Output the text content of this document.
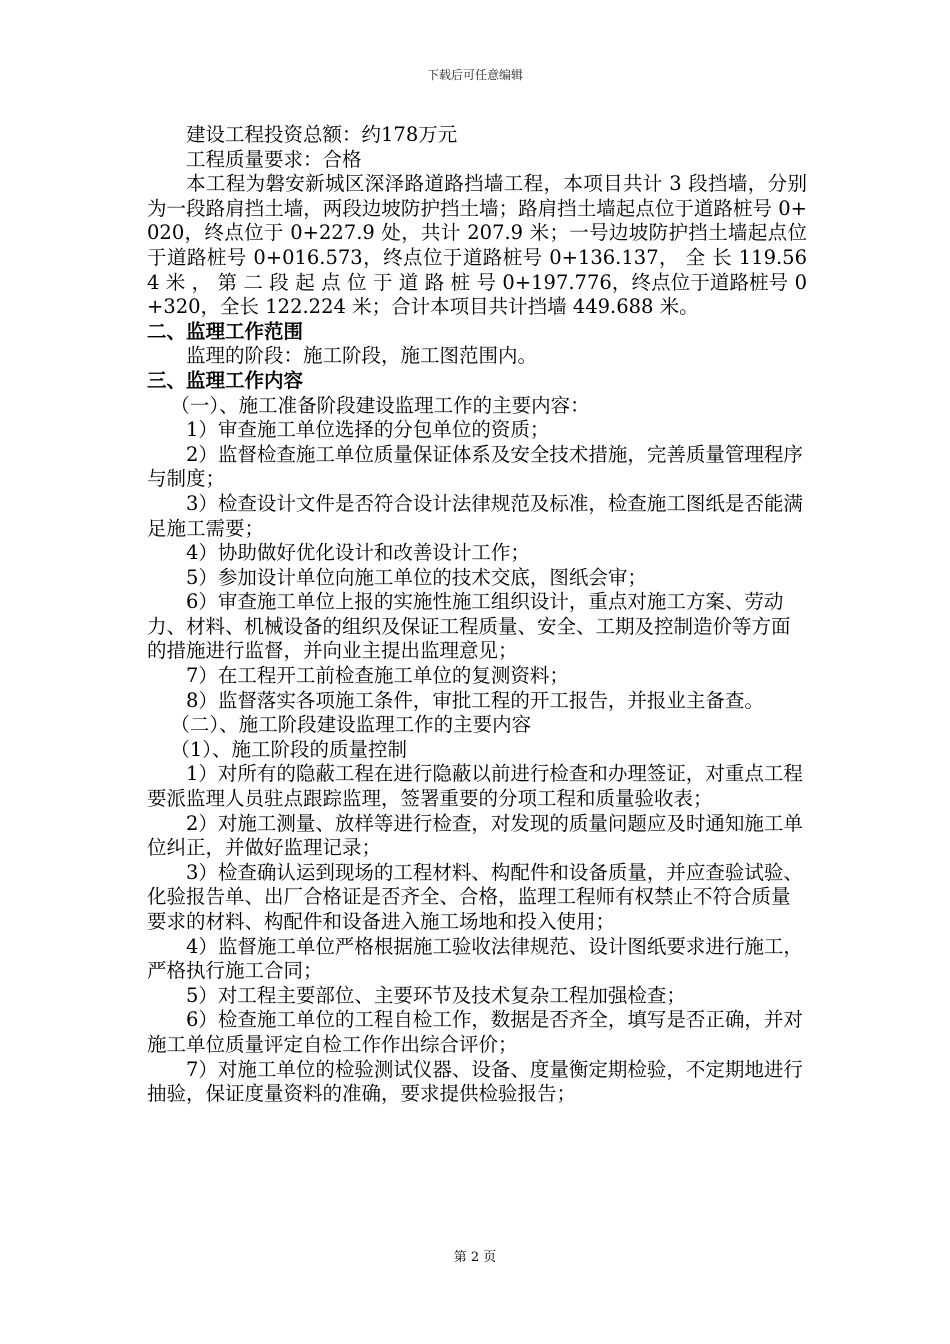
下载后可任意编辑

建设工程投资总额：约178万元

工程质量要求：合格

本工程为磐安新城区深泽路道路挡墙工程，本项目共计 3 段挡墙，分别为一段路肩挡土墙，两段边坡防护挡土墙；路肩挡土墙起点位于道路桩号 0+020，终点位于 0+227.9 处，共计 207.9 米；一号边坡防护挡土墙起点位于道路桩号 0+016.573，终点位于道路桩号 0+136.137， 全 长 119.564 米 ， 第 二 段 起 点 位 于 道 路 桩 号 0+197.776，终点位于道路桩号 0+320，全长 122.224 米；合计本项目共计挡墙 449.688 米。

二、监理工作范围

监理的阶段：施工阶段，施工图范围内。

三、监理工作内容

（一）、施工准备阶段建设监理工作的主要内容：

1）审查施工单位选择的分包单位的资质；

2）监督检查施工单位质量保证体系及安全技术措施，完善质量管理程序与制度；

3）检查设计文件是否符合设计法律规范及标准，检查施工图纸是否能满足施工需要；

4）协助做好优化设计和改善设计工作；

5）参加设计单位向施工单位的技术交底，图纸会审；

6）审查施工单位上报的实施性施工组织设计，重点对施工方案、劳动力、材料、机械设备的组织及保证工程质量、安全、工期及控制造价等方面的措施进行监督，并向业主提出监理意见；

7）在工程开工前检查施工单位的复测资料；

8）监督落实各项施工条件，审批工程的开工报告，并报业主备查。

（二）、施工阶段建设监理工作的主要内容

（1）、施工阶段的质量控制

1）对所有的隐蔽工程在进行隐蔽以前进行检查和办理签证，对重点工程要派监理人员驻点跟踪监理，签署重要的分项工程和质量验收表；

2）对施工测量、放样等进行检查，对发现的质量问题应及时通知施工单位纠正，并做好监理记录；

3）检查确认运到现场的工程材料、构配件和设备质量，并应查验试验、化验报告单、出厂合格证是否齐全、合格，监理工程师有权禁止不符合质量要求的材料、构配件和设备进入施工场地和投入使用；

4）监督施工单位严格根据施工验收法律规范、设计图纸要求进行施工，严格执行施工合同；

5）对工程主要部位、主要环节及技术复杂工程加强检查；

6）检查施工单位的工程自检工作，数据是否齐全，填写是否正确，并对施工单位质量评定自检工作作出综合评价；

7）对施工单位的检验测试仪器、设备、度量衡定期检验，不定期地进行抽验，保证度量资料的准确，要求提供检验报告；

第 2 页
